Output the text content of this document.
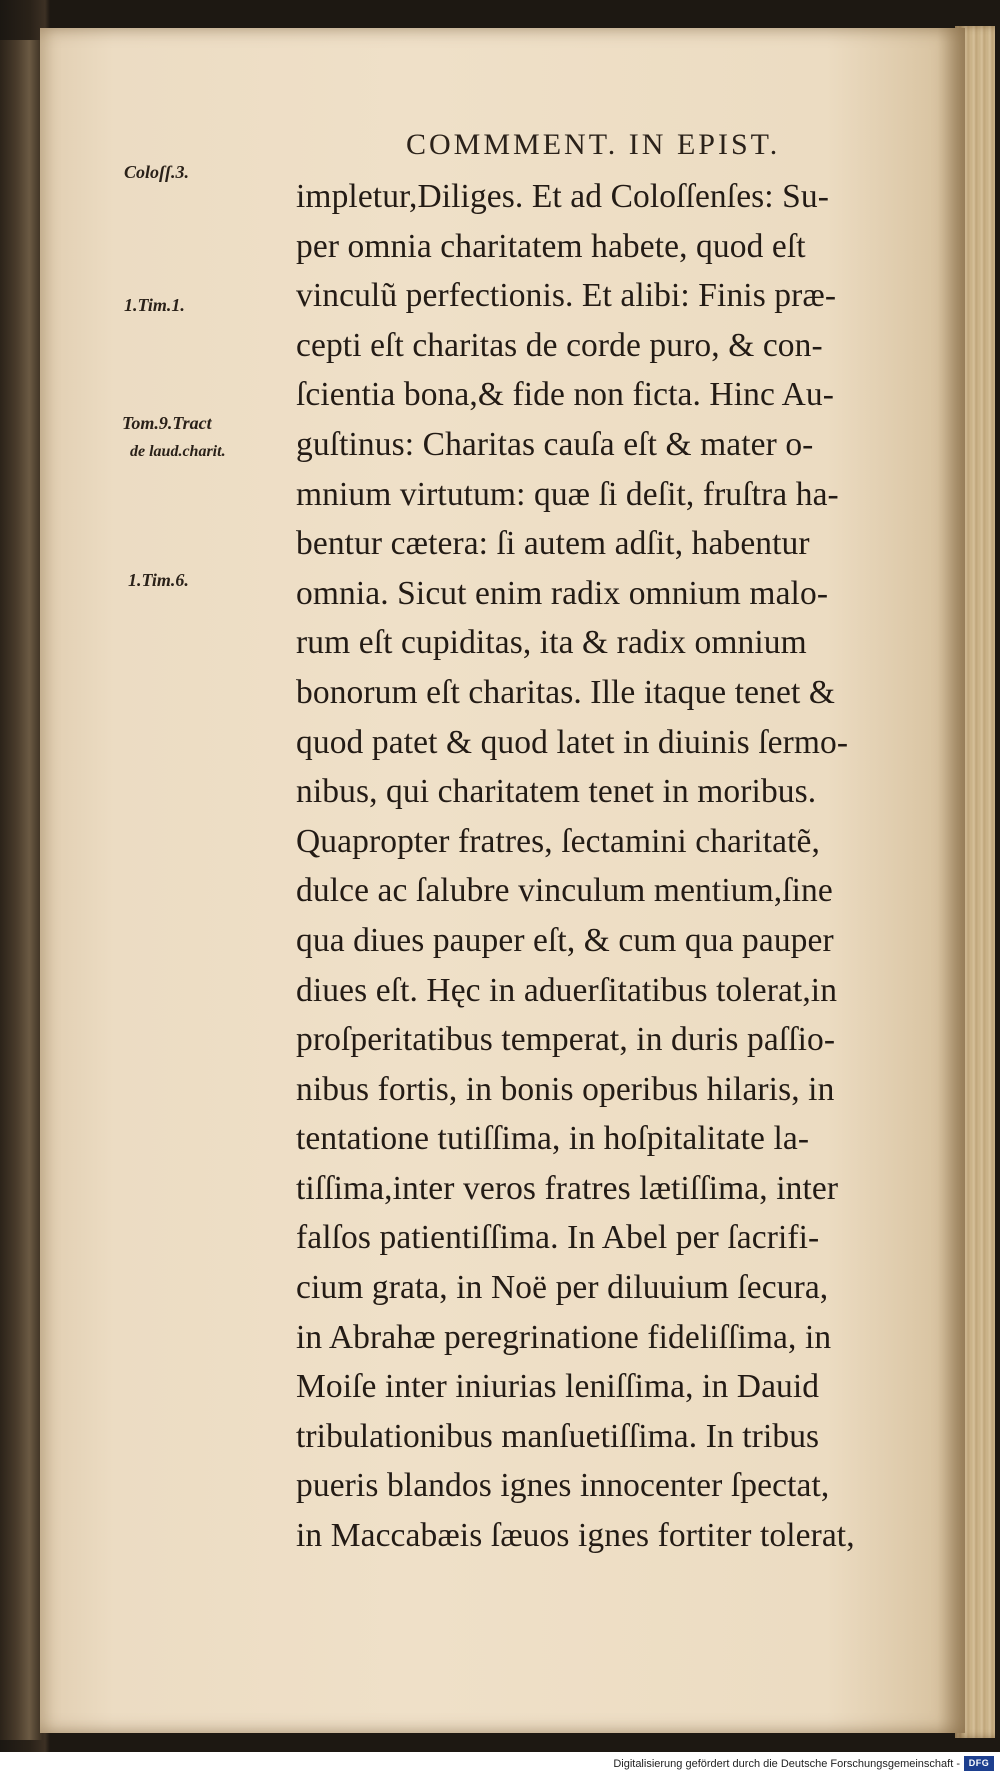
COMMMENT. IN EPIST.
Coloſſ.3.
1.Tim.1.
Tom.9.Tract
de laud.charit.
1.Tim.6.
impletur,Diliges. Et ad Coloſſenſes: Su-
per omnia charitatem habete, quod eſt
vinculũ perfectionis. Et alibi: Finis præ-
cepti eſt charitas de corde puro, & con-
ſcientia bona,& fide non ficta. Hinc Au-
guſtinus: Charitas cauſa eſt & mater o-
mnium virtutum: quæ ſi deſit, fruſtra ha-
bentur cætera: ſi autem adſit, habentur
omnia. Sicut enim radix omnium malo-
rum eſt cupiditas, ita & radix omnium
bonorum eſt charitas. Ille itaque tenet &
quod patet & quod latet in diuinis ſermo-
nibus, qui charitatem tenet in moribus.
Quapropter fratres, ſectamini charitatẽ,
dulce ac ſalubre vinculum mentium,ſine
qua diues pauper eſt, & cum qua pauper
diues eſt. Hęc in aduerſitatibus tolerat,in
proſperitatibus temperat, in duris paſſio-
nibus fortis, in bonis operibus hilaris, in
tentatione tutiſſima, in hoſpitalitate la-
tiſſima,inter veros fratres lætiſſima, inter
falſos patientiſſima. In Abel per ſacrifi-
cium grata, in Noë per diluuium ſecura,
in Abrahæ peregrinatione fideliſſima, in
Moiſe inter iniurias leniſſima, in Dauid
tribulationibus manſuetiſſima. In tribus
pueris blandos ignes innocenter ſpectat,
in Maccabæis ſæuos ignes fortiter tolerat,
Digitalisierung gefördert durch die Deutsche Forschungsgemeinschaft - DFG
